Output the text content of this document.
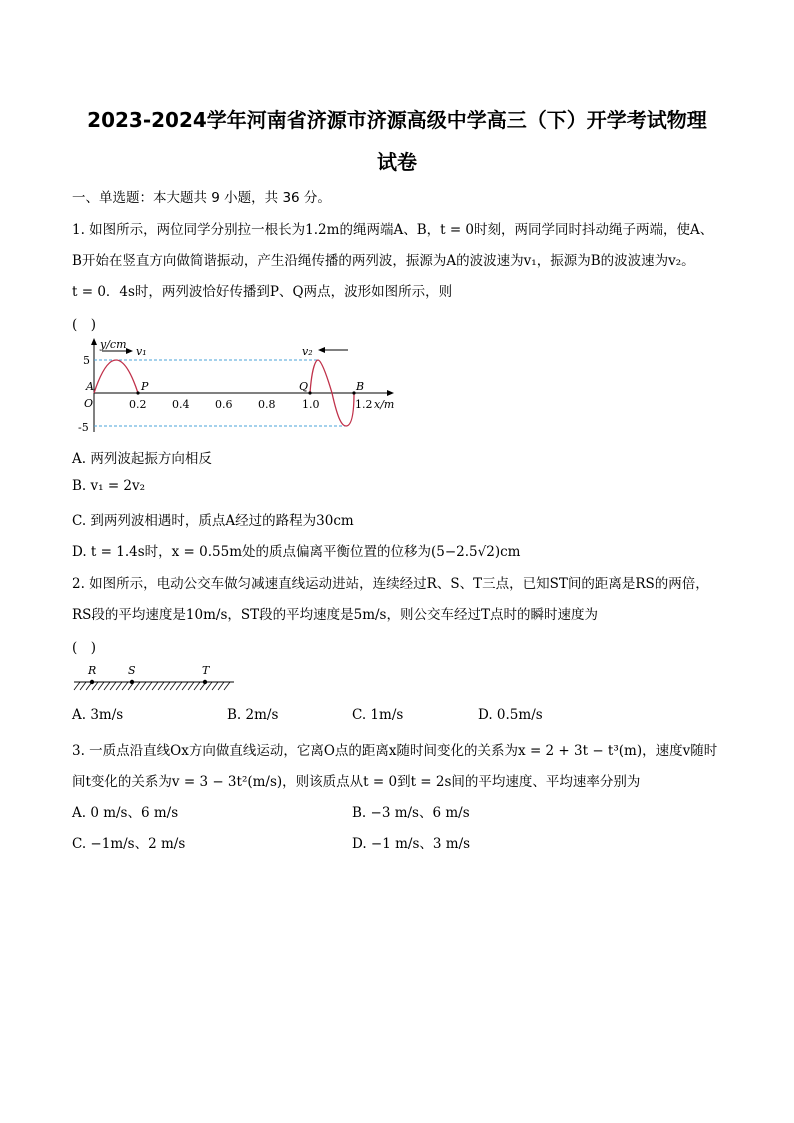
2023-2024学年河南省济源市济源高级中学高三（下）开学考试物理
试卷
一、单选题：本大题共 9 小题，共 36 分。
1. 如图所示，两位同学分别拉一根长为1.2m的绳两端A、B，t = 0时刻，两同学同时抖动绳子两端，使A、
B开始在竖直方向做简谐振动，产生沿绳传播的两列波，振源为A的波波速为v₁，振源为B的波波速为v₂。
t = 0．4s时，两列波恰好传播到P、Q两点，波形如图所示，则
(　)
v₁	v₂
y/cm
x/m
5
-5
0.2 0.4 0.6 0.8 1.0	1.2
A
O
P	Q	B
A. 两列波起振方向相反
B. v₁ = 2v₂
C. 到两列波相遇时，质点A经过的路程为30cm
D. t = 1.4s时，x = 0.55m处的质点偏离平衡位置的位移为(5−2.5√2)cm
2. 如图所示，电动公交车做匀减速直线运动进站，连续经过R、S、T三点，已知ST间的距离是RS的两倍，
RS段的平均速度是10m/s，ST段的平均速度是5m/s，则公交车经过T点时的瞬时速度为
(　)
R	S	T
A. 3m/s	B. 2m/s	C. 1m/s	D. 0.5m/s
3. 一质点沿直线Ox方向做直线运动，它离O点的距离x随时间变化的关系为x = 2 + 3t − t³(m)，速度v随时
间t变化的关系为v = 3 − 3t²(m/s)，则该质点从t = 0到t = 2s间的平均速度、平均速率分别为
A. 0 m/s、6 m/s	B. −3 m/s、6 m/s
C. −1m/s、2 m/s	D. −1 m/s、3 m/s
